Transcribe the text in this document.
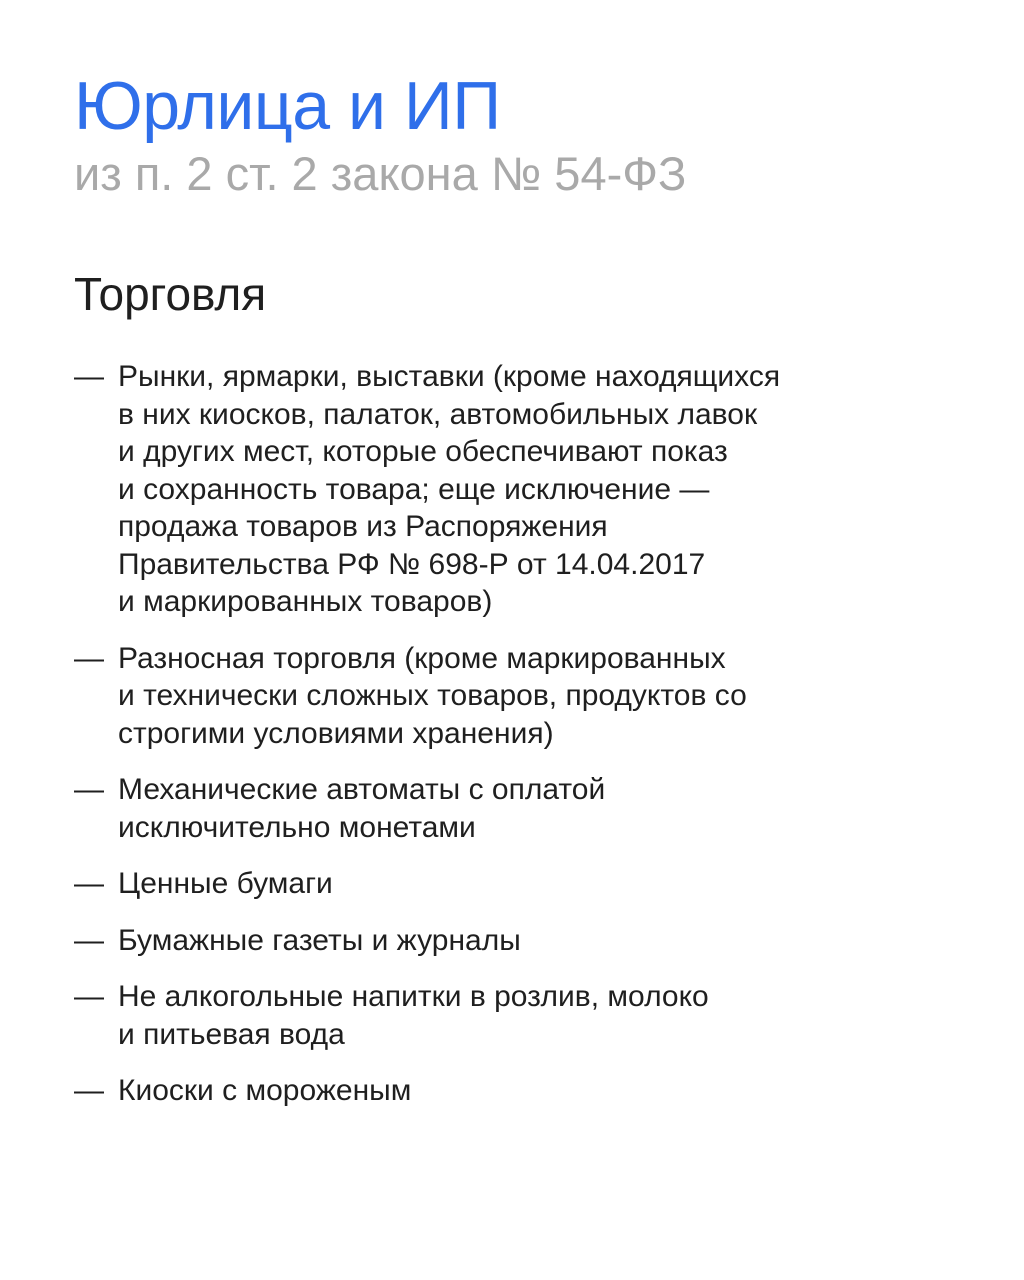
Юрлица и ИП

из п. 2 ст. 2 закона № 54-ФЗ

Торговля
— Рынки, ярмарки, выставки (кроме находящихся
в них киосков, палаток, автомобильных лавок
и других мест, которые обеспечивают показ
и сохранность товара; еще исключение —
продажа товаров из Распоряжения
Правительства РФ № 698-Р от 14.04.2017
и маркированных товаров)
— Разносная торговля (кроме маркированных
и технически сложных товаров, продуктов со
строгими условиями хранения)
— Механические автоматы с оплатой
исключительно монетами
— Ценные бумаги
— Бумажные газеты и журналы
— Не алкогольные напитки в розлив, молоко
и питьевая вода
— Киоски с мороженым
